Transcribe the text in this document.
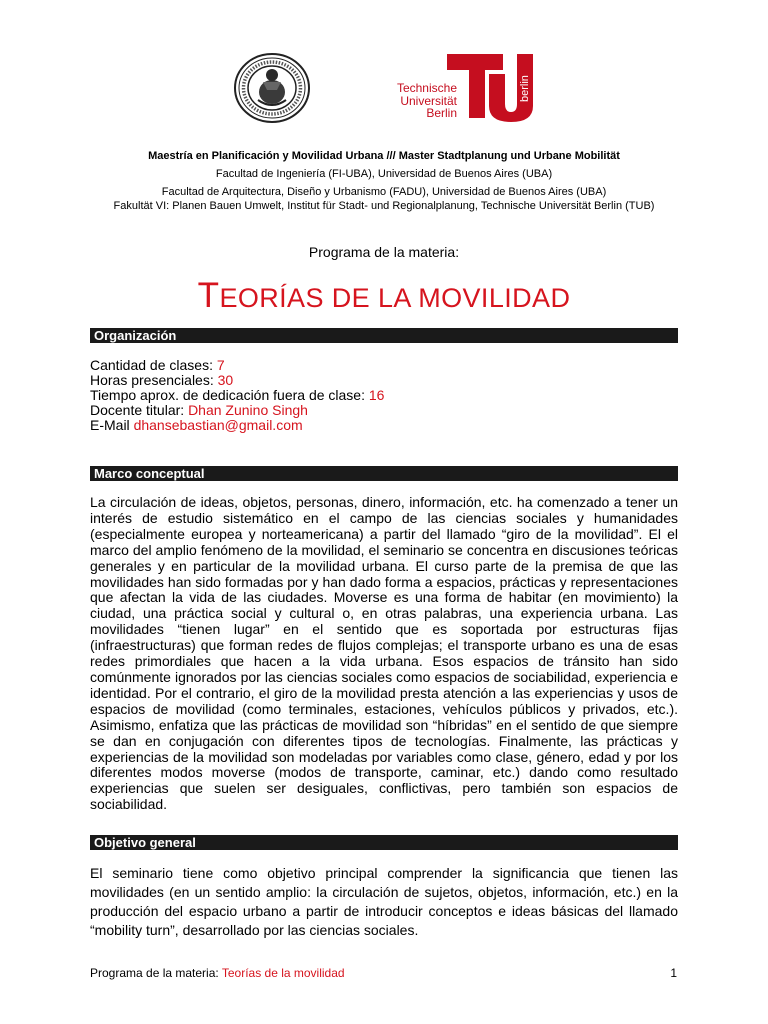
Technische
Universität
Berlin
berlin
Maestría en Planificación y Movilidad Urbana /// Master Stadtplanung und Urbane Mobilität
Facultad de Ingeniería (FI-UBA), Universidad de Buenos Aires (UBA)
Facultad de Arquitectura, Diseño y Urbanismo (FADU), Universidad de Buenos Aires (UBA)
Fakultät VI: Planen Bauen Umwelt, Institut für Stadt- und Regionalplanung, Technische Universität Berlin (TUB)
Programa de la materia:
TEORÍAS DE LA MOVILIDAD
Organización
Cantidad de clases: 7
Horas presenciales: 30
Tiempo aprox. de dedicación fuera de clase: 16
Docente titular: Dhan Zunino Singh
E-Mail dhansebastian@gmail.com
Marco conceptual

La circulación de ideas, objetos, personas, dinero, información, etc. ha comenzado a tener un interés de estudio sistemático en el campo de las ciencias sociales y humanidades (especialmente europea y norteamericana) a partir del llamado “giro de la movilidad”. El el marco del amplio fenómeno de la movilidad, el seminario se concentra en discusiones teóricas generales y en particular de la movilidad urbana. El curso parte de la premisa de que las movilidades han sido formadas por y han dado forma a espacios, prácticas y representaciones que afectan la vida de las ciudades. Moverse es una forma de habitar (en movimiento) la ciudad, una práctica social y cultural o, en otras palabras, una experiencia urbana. Las movilidades “tienen lugar” en el sentido que es soportada por estructuras fijas (infraestructuras) que forman redes de flujos complejas; el transporte urbano es una de esas redes primordiales que hacen a la vida urbana. Esos espacios de tránsito han sido comúnmente ignorados por las ciencias sociales como espacios de sociabilidad, experiencia e identidad. Por el contrario, el giro de la movilidad presta atención a las experiencias y usos de espacios de movilidad (como terminales, estaciones, vehículos públicos y privados, etc.). Asimismo, enfatiza que las prácticas de movilidad son “híbridas” en el sentido de que siempre se dan en conjugación con diferentes tipos de tecnologías. Finalmente, las prácticas y experiencias de la movilidad son modeladas por variables como clase, género, edad y por los diferentes modos moverse (modos de transporte, caminar, etc.) dando como resultado experiencias que suelen ser desiguales, conflictivas, pero también son espacios de sociabilidad.

Objetivo general

El seminario tiene como objetivo principal comprender la significancia que tienen las movilidades (en un sentido amplio: la circulación de sujetos, objetos, información, etc.) en la producción del espacio urbano a partir de introducir conceptos e ideas básicas del llamado “mobility turn”, desarrollado por las ciencias sociales.

Programa de la materia: Teorías de la movilidad	1
